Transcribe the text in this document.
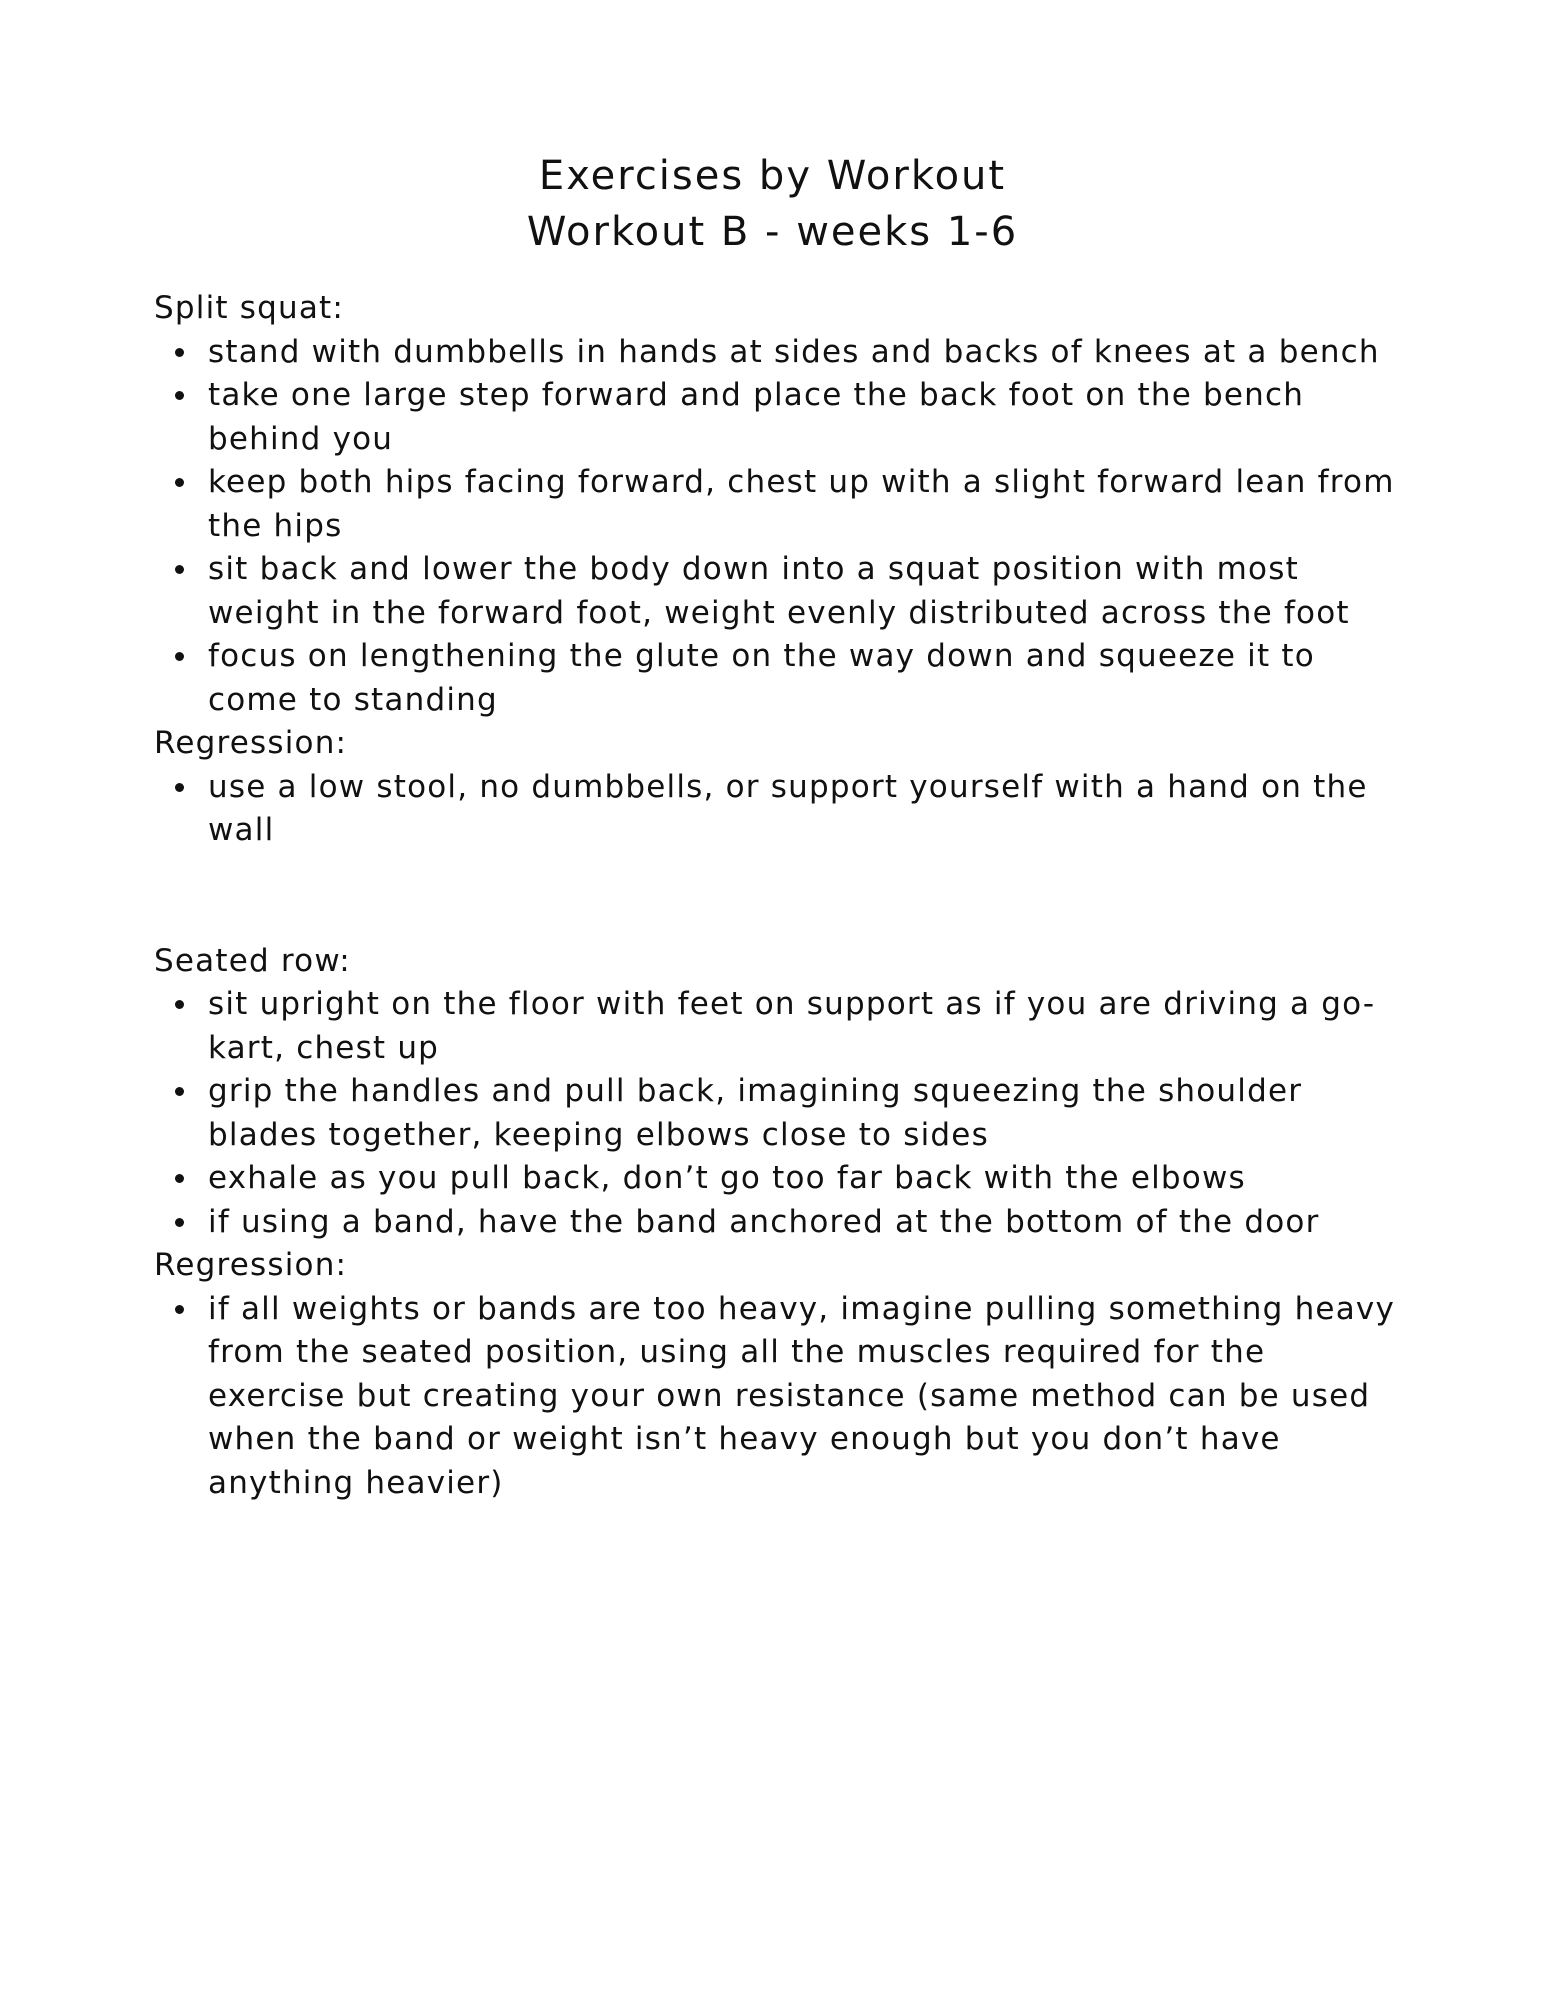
Exercises by Workout
Workout B - weeks 1-6
Split squat:
stand with dumbbells in hands at sides and backs of knees at a bench
take one large step forward and place the back foot on the bench behind you
keep both hips facing forward, chest up with a slight forward lean from the hips
sit back and lower the body down into a squat position with most weight in the forward foot, weight evenly distributed across the foot
focus on lengthening the glute on the way down and squeeze it to come to standing
Regression:
use a low stool, no dumbbells, or support yourself with a hand on the wall
Seated row:
sit upright on the floor with feet on support as if you are driving a go-kart, chest up
grip the handles and pull back, imagining squeezing the shoulder blades together, keeping elbows close to sides
exhale as you pull back, don’t go too far back with the elbows
if using a band, have the band anchored at the bottom of the door
Regression:
if all weights or bands are too heavy, imagine pulling something heavy from the seated position, using all the muscles required for the exercise but creating your own resistance (same method can be used when the band or weight isn’t heavy enough but you don’t have anything heavier)
